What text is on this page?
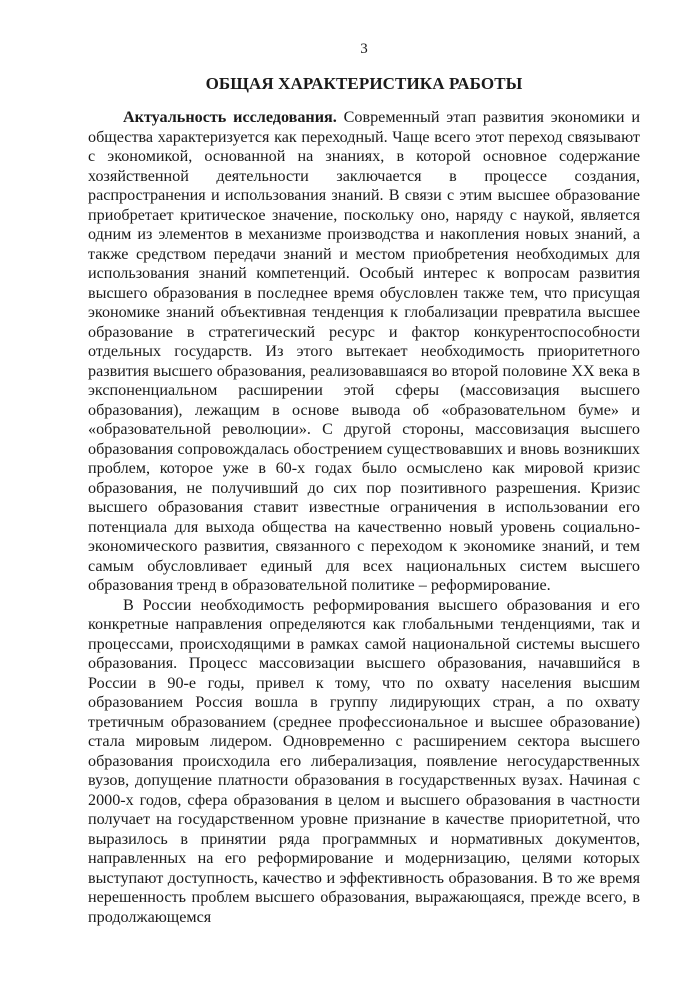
3
ОБЩАЯ ХАРАКТЕРИСТИКА РАБОТЫ

Актуальность исследования. Современный этап развития экономики и общества характеризуется как переходный. Чаще всего этот переход связывают с экономикой, основанной на знаниях, в которой основное содержание хозяйственной деятельности заключается в процессе создания, распространения и использования знаний. В связи с этим высшее образование приобретает критическое значение, поскольку оно, наряду с наукой, является одним из элементов в механизме производства и накопления новых знаний, а также средством передачи знаний и местом приобретения необходимых для использования знаний компетенций. Особый интерес к вопросам развития высшего образования в последнее время обусловлен также тем, что присущая экономике знаний объективная тенденция к глобализации превратила высшее образование в стратегический ресурс и фактор конкурентоспособности отдельных государств. Из этого вытекает необходимость приоритетного развития высшего образования, реализовавшаяся во второй половине XX века в экспоненциальном расширении этой сферы (массовизация высшего образования), лежащим в основе вывода об «образовательном буме» и «образовательной революции». С другой стороны, массовизация высшего образования сопровождалась обострением существовавших и вновь возникших проблем, которое уже в 60-х годах было осмыслено как мировой кризис образования, не получивший до сих пор позитивного разрешения. Кризис высшего образования ставит известные ограничения в использовании его потенциала для выхода общества на качественно новый уровень социально-экономического развития, связанного с переходом к экономике знаний, и тем самым обусловливает единый для всех национальных систем высшего образования тренд в образовательной политике – реформирование.

В России необходимость реформирования высшего образования и его конкретные направления определяются как глобальными тенденциями, так и процессами, происходящими в рамках самой национальной системы высшего образования. Процесс массовизации высшего образования, начавшийся в России в 90-е годы, привел к тому, что по охвату населения высшим образованием Россия вошла в группу лидирующих стран, а по охвату третичным образованием (среднее профессиональное и высшее образование) стала мировым лидером. Одновременно с расширением сектора высшего образования происходила его либерализация, появление негосударственных вузов, допущение платности образования в государственных вузах. Начиная с 2000-х годов, сфера образования в целом и высшего образования в частности получает на государственном уровне признание в качестве приоритетной, что выразилось в принятии ряда программных и нормативных документов, направленных на его реформирование и модернизацию, целями которых выступают доступность, качество и эффективность образования. В то же время нерешенность проблем высшего образования, выражающаяся, прежде всего, в продолжающемся
